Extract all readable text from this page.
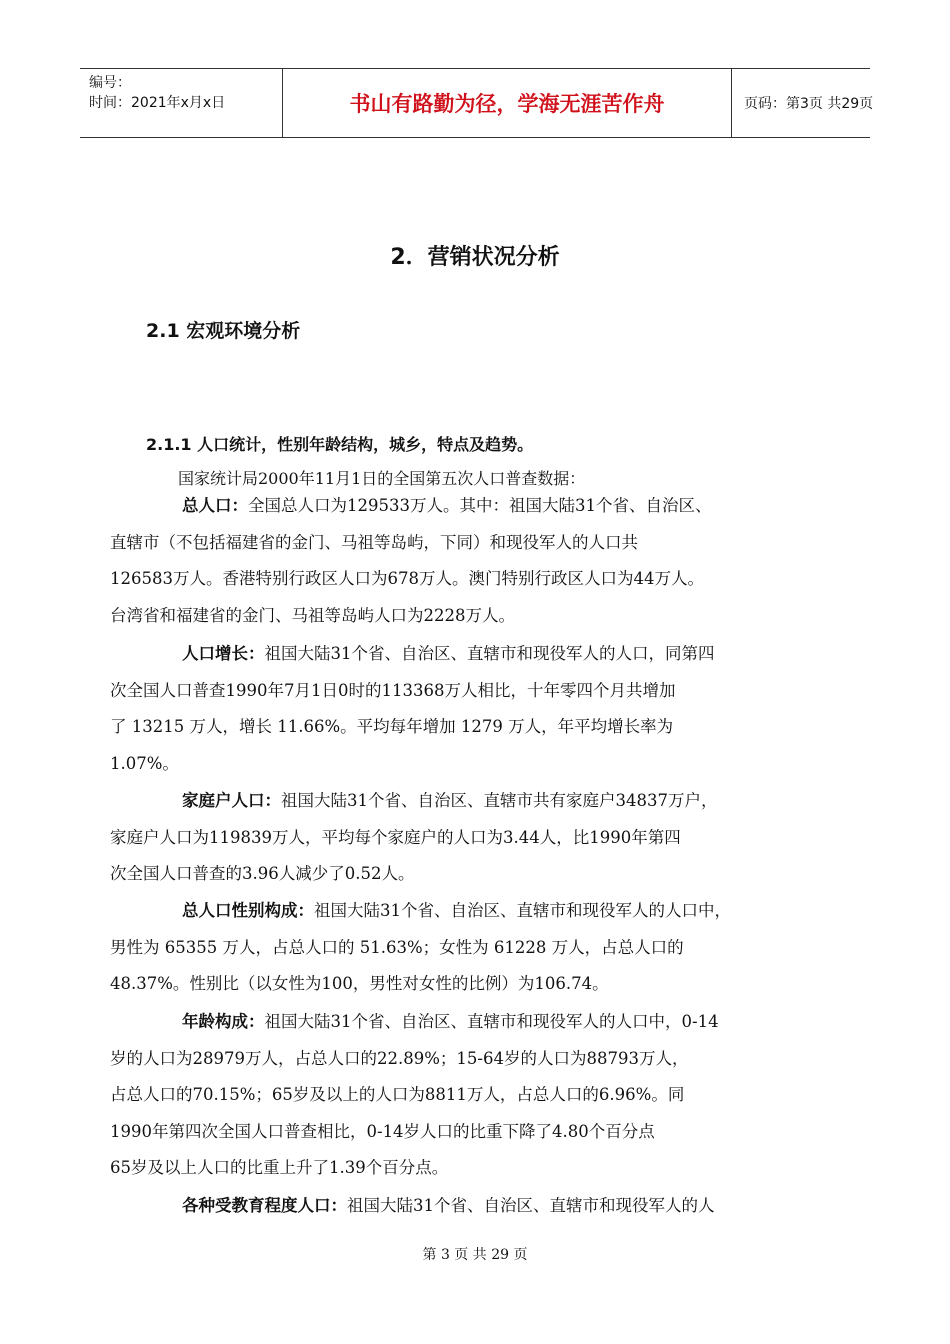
编号：
时间：2021年x月x日	书山有路勤为径，学海无涯苦作舟	页码：第3页 共29页
2．营销状况分析
2.1 宏观环境分析
2.1.1 人口统计，性别年龄结构，城乡，特点及趋势。
国家统计局2000年11月1日的全国第五次人口普查数据：
总人口：全国总人口为129533万人。其中：祖国大陆31个省、自治区、
直辖市（不包括福建省的金门、马祖等岛屿，下同）和现役军人的人口共
126583万人。香港特别行政区人口为678万人。澳门特别行政区人口为44万人。
台湾省和福建省的金门、马祖等岛屿人口为2228万人。
人口增长：祖国大陆31个省、自治区、直辖市和现役军人的人口，同第四
次全国人口普查1990年7月1日0时的113368万人相比，十年零四个月共增加
了 13215 万人，增长 11.66%。平均每年增加 1279 万人，年平均增长率为
1.07%。
家庭户人口：祖国大陆31个省、自治区、直辖市共有家庭户34837万户，
家庭户人口为119839万人，平均每个家庭户的人口为3.44人，比1990年第四
次全国人口普查的3.96人减少了0.52人。
总人口性别构成：祖国大陆31个省、自治区、直辖市和现役军人的人口中，
男性为 65355 万人，占总人口的 51.63%；女性为 61228 万人，占总人口的
48.37%。性别比（以女性为100，男性对女性的比例）为106.74。
年龄构成：祖国大陆31个省、自治区、直辖市和现役军人的人口中，0-14
岁的人口为28979万人，占总人口的22.89%；15-64岁的人口为88793万人，
占总人口的70.15%；65岁及以上的人口为8811万人，占总人口的6.96%。同
1990年第四次全国人口普查相比，0-14岁人口的比重下降了4.80个百分点
65岁及以上人口的比重上升了1.39个百分点。
各种受教育程度人口：祖国大陆31个省、自治区、直辖市和现役军人的人
第 3 页 共 29 页
